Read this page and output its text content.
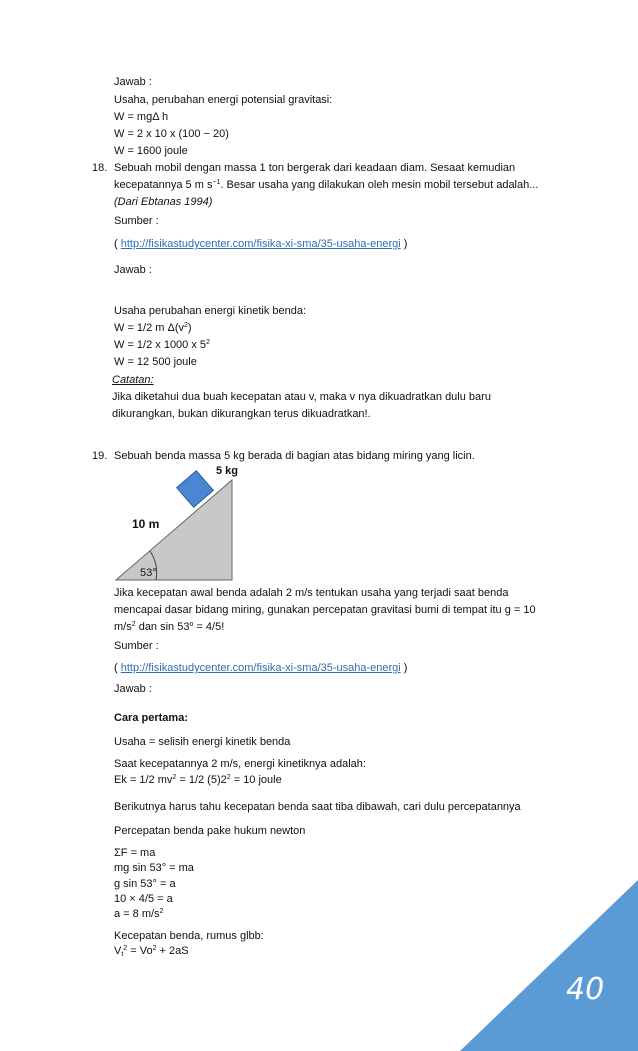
40
Jawab :
Usaha, perubahan energi potensial gravitasi:
W = mgΔ h
W = 2 x 10 x (100 − 20)
W = 1600 joule
18. Sebuah mobil dengan massa 1 ton bergerak dari keadaan diam. Sesaat kemudian
kecepatannya 5 m $s^{-1}$. Besar usaha yang dilakukan oleh mesin mobil tersebut adalah...
(Dari Ebtanas 1994)
Sumber :
( http://fisikastudycenter.com/fisika-xi-sma/35-usaha-energi )
Jawab :
Usaha perubahan energi kinetik benda:
W = 1/2 m $\Delta(v^2)$
W = 1/2 x 1000 x $5^2$
W = 12 500 joule
Catatan:
Jika diketahui dua buah kecepatan atau v, maka v nya dikuadratkan dulu baru
dikurangkan, bukan dikurangkan terus dikuadratkan!.
19. Sebuah benda massa 5 kg berada di bagian atas bidang miring yang licin.
5 kg
10 m
53°
Jika kecepatan awal benda adalah 2 m/s tentukan usaha yang terjadi saat benda
mencapai dasar bidang miring, gunakan percepatan gravitasi bumi di tempat itu g = 10
$m/s^2$ dan $\sin 53^o = 4/5$!
Sumber :
( http://fisikastudycenter.com/fisika-xi-sma/35-usaha-energi )
Jawab :
Cara pertama:
Usaha = selisih energi kinetik benda
Saat kecepatannya 2 m/s, energi kinetiknya adalah:
Ek = 1/2 $mv^2 = 1/2$ $(5)2^2 = 10$ joule
Berikutnya harus tahu kecepatan benda saat tiba dibawah, cari dulu percepatannya
Percepatan benda pake hukum newton
ΣF = ma
mg sin 53° = ma
g sin 53° = a
10 × 4/5 = a
a = 8 $m/s^2$
Kecepatan benda, rumus glbb:
$V_t^2 = Vo^2 + 2aS$
